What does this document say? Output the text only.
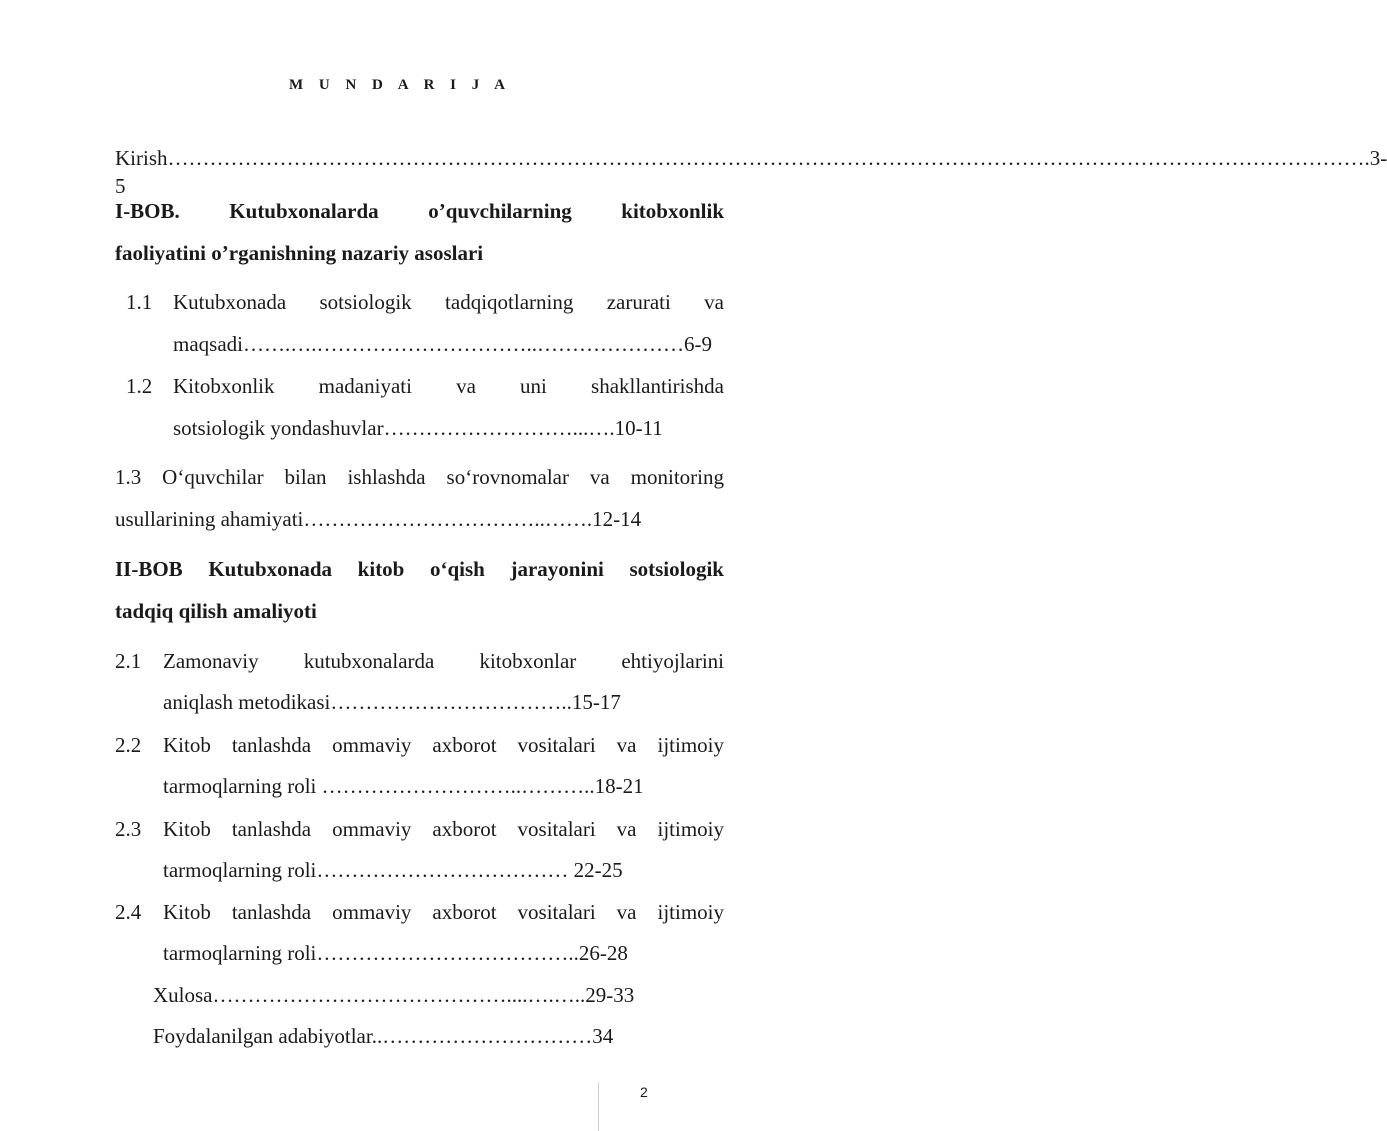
M U N D A R I J A
Kirish……………………………………………………………………………………………………………………………………………………….3-5
I-BOB. Kutubxonalarda o’quvchilarning kitobxonlik
faoliyatini o’rganishning nazariy asoslari
1.1 Kutubxonada sotsiologik tadqiqotlarning zarurati va
maqsadi…….….…………………………..…………………6-9
1.2 Kitobxonlik madaniyati va uni shakllantirishda
sotsiologik yondashuvlar………………………...….10-11
1.3 O‘quvchilar bilan ishlashda so‘rovnomalar va monitoring
usullarining ahamiyati……………………………..…….12-14
II-BOB Kutubxonada kitob o‘qish jarayonini sotsiologik
tadqiq qilish amaliyoti
2.1 Zamonaviy kutubxonalarda kitobxonlar ehtiyojlarini
aniqlash metodikasi……………………………..15-17
2.2 Kitob tanlashda ommaviy axborot vositalari va ijtimoiy
tarmoqlarning roli ………………………..………..18-21
2.3 Kitob tanlashda ommaviy axborot vositalari va ijtimoiy
tarmoqlarning roli……………………………… 22-25
2.4 Kitob tanlashda ommaviy axborot vositalari va ijtimoiy
tarmoqlarning roli………………………………..26-28
Xulosa……………………………………....….…..29-33
Foydalanilgan adabiyotlar..…………………………34
2
